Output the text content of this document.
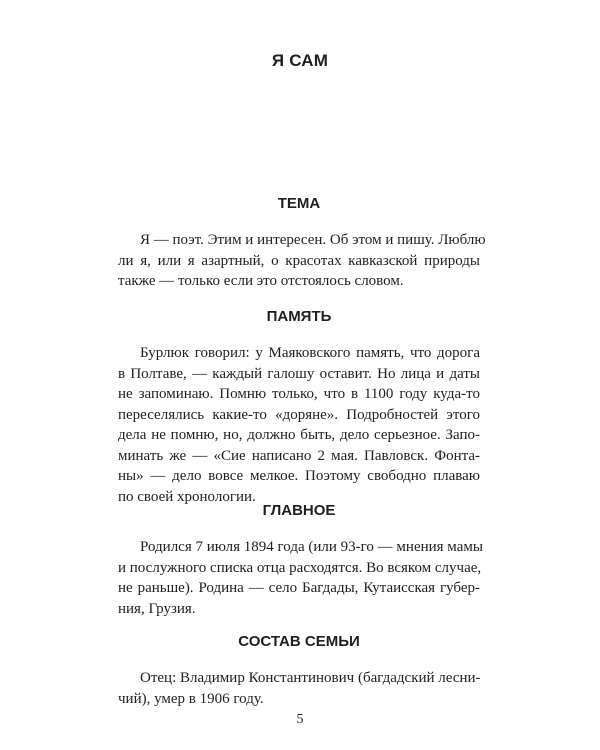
Я САМ
ТЕМА

Я — поэт. Этим и интересен. Об этом и пишу. Люблю
ли я, или я азартный, о красотах кавказской природы
также — только если это отстоялось словом.

ПАМЯТЬ

Бурлюк говорил: у Маяковского память, что дорога
в Полтаве, — каждый галошу оставит. Но лица и даты
не запоминаю. Помню только, что в 1100 году куда-то
переселялись какие-то «доряне». Подробностей этого
дела не помню, но, должно быть, дело серьезное. Запо-
минать же — «Сие написано 2 мая. Павловск. Фонта-
ны» — дело вовсе мелкое. Поэтому свободно плаваю
по своей хронологии.

ГЛАВНОЕ

Родился 7 июля 1894 года (или 93-го — мнения мамы
и послужного списка отца расходятся. Во всяком случае,
не раньше). Родина — село Багдады, Кутаисская губер-
ния, Грузия.

СОСТАВ СЕМЬИ

Отец: Владимир Константинович (багдадский лесни-
чий), умер в 1906 году.

5
